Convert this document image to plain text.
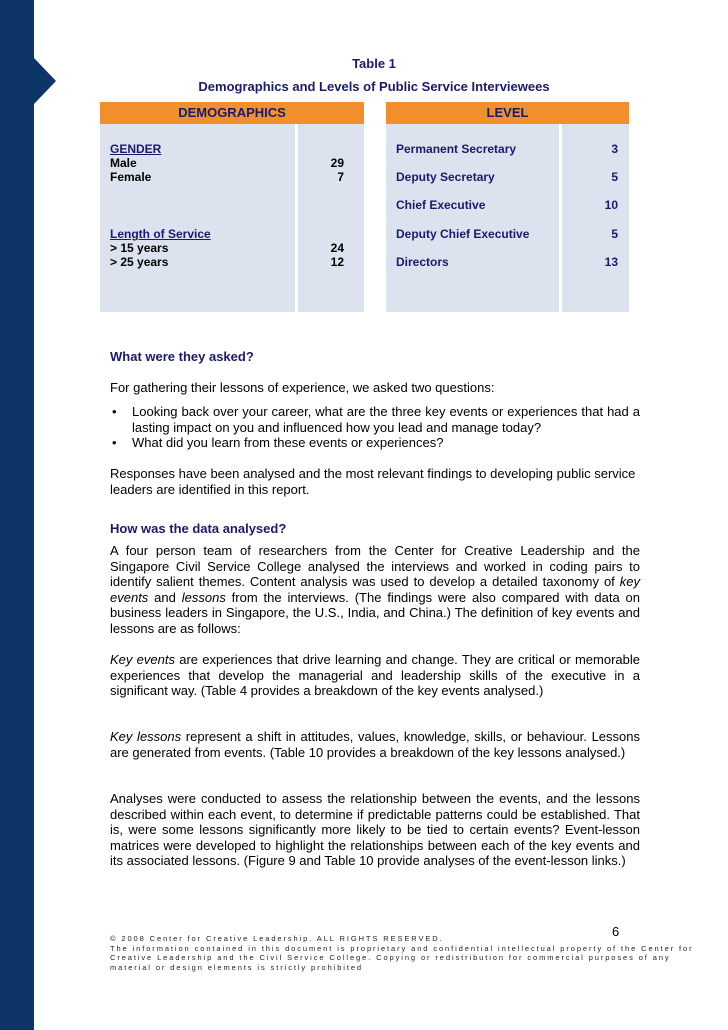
Table 1
Demographics and Levels of Public Service Interviewees
DEMOGRAPHICS
GENDER
Male	29
Female	7
Length of Service
> 15 years	24
> 25 years	12
LEVEL
Permanent Secretary	3
Deputy Secretary	5
Chief Executive	10
Deputy Chief Executive	5
Directors	13
What were they asked?
For gathering their lessons of experience, we asked two questions:
• Looking back over your career, what are the three key events or experiences that had a lasting impact on you and influenced how you lead and manage today?
• What did you learn from these events or experiences?
Responses have been analysed and the most relevant findings to developing public service leaders are identified in this report.
How was the data analysed?
A four person team of researchers from the Center for Creative Leadership and the Singapore Civil Service College analysed the interviews and worked in coding pairs to identify salient themes. Content analysis was used to develop a detailed taxonomy of key events and lessons from the interviews. (The findings were also compared with data on business leaders in Singapore, the U.S., India, and China.) The definition of key events and lessons are as follows:
Key events are experiences that drive learning and change. They are critical or memorable experiences that develop the managerial and leadership skills of the executive in a significant way. (Table 4 provides a breakdown of the key events analysed.)
Key lessons represent a shift in attitudes, values, knowledge, skills, or behaviour. Lessons are generated from events. (Table 10 provides a breakdown of the key lessons analysed.)
Analyses were conducted to assess the relationship between the events, and the lessons described within each event, to determine if predictable patterns could be established. That is, were some lessons significantly more likely to be tied to certain events? Event-lesson matrices were developed to highlight the relationships between each of the key events and its associated lessons. (Figure 9 and Table 10 provide analyses of the event-lesson links.)
6
© 2008 Center for Creative Leadership. ALL RIGHTS RESERVED.
The information contained in this document is proprietary and confidential intellectual property of the Center for
Creative Leadership and the Civil Service College. Copying or redistribution for commercial purposes of any
material or design elements is strictly prohibited
